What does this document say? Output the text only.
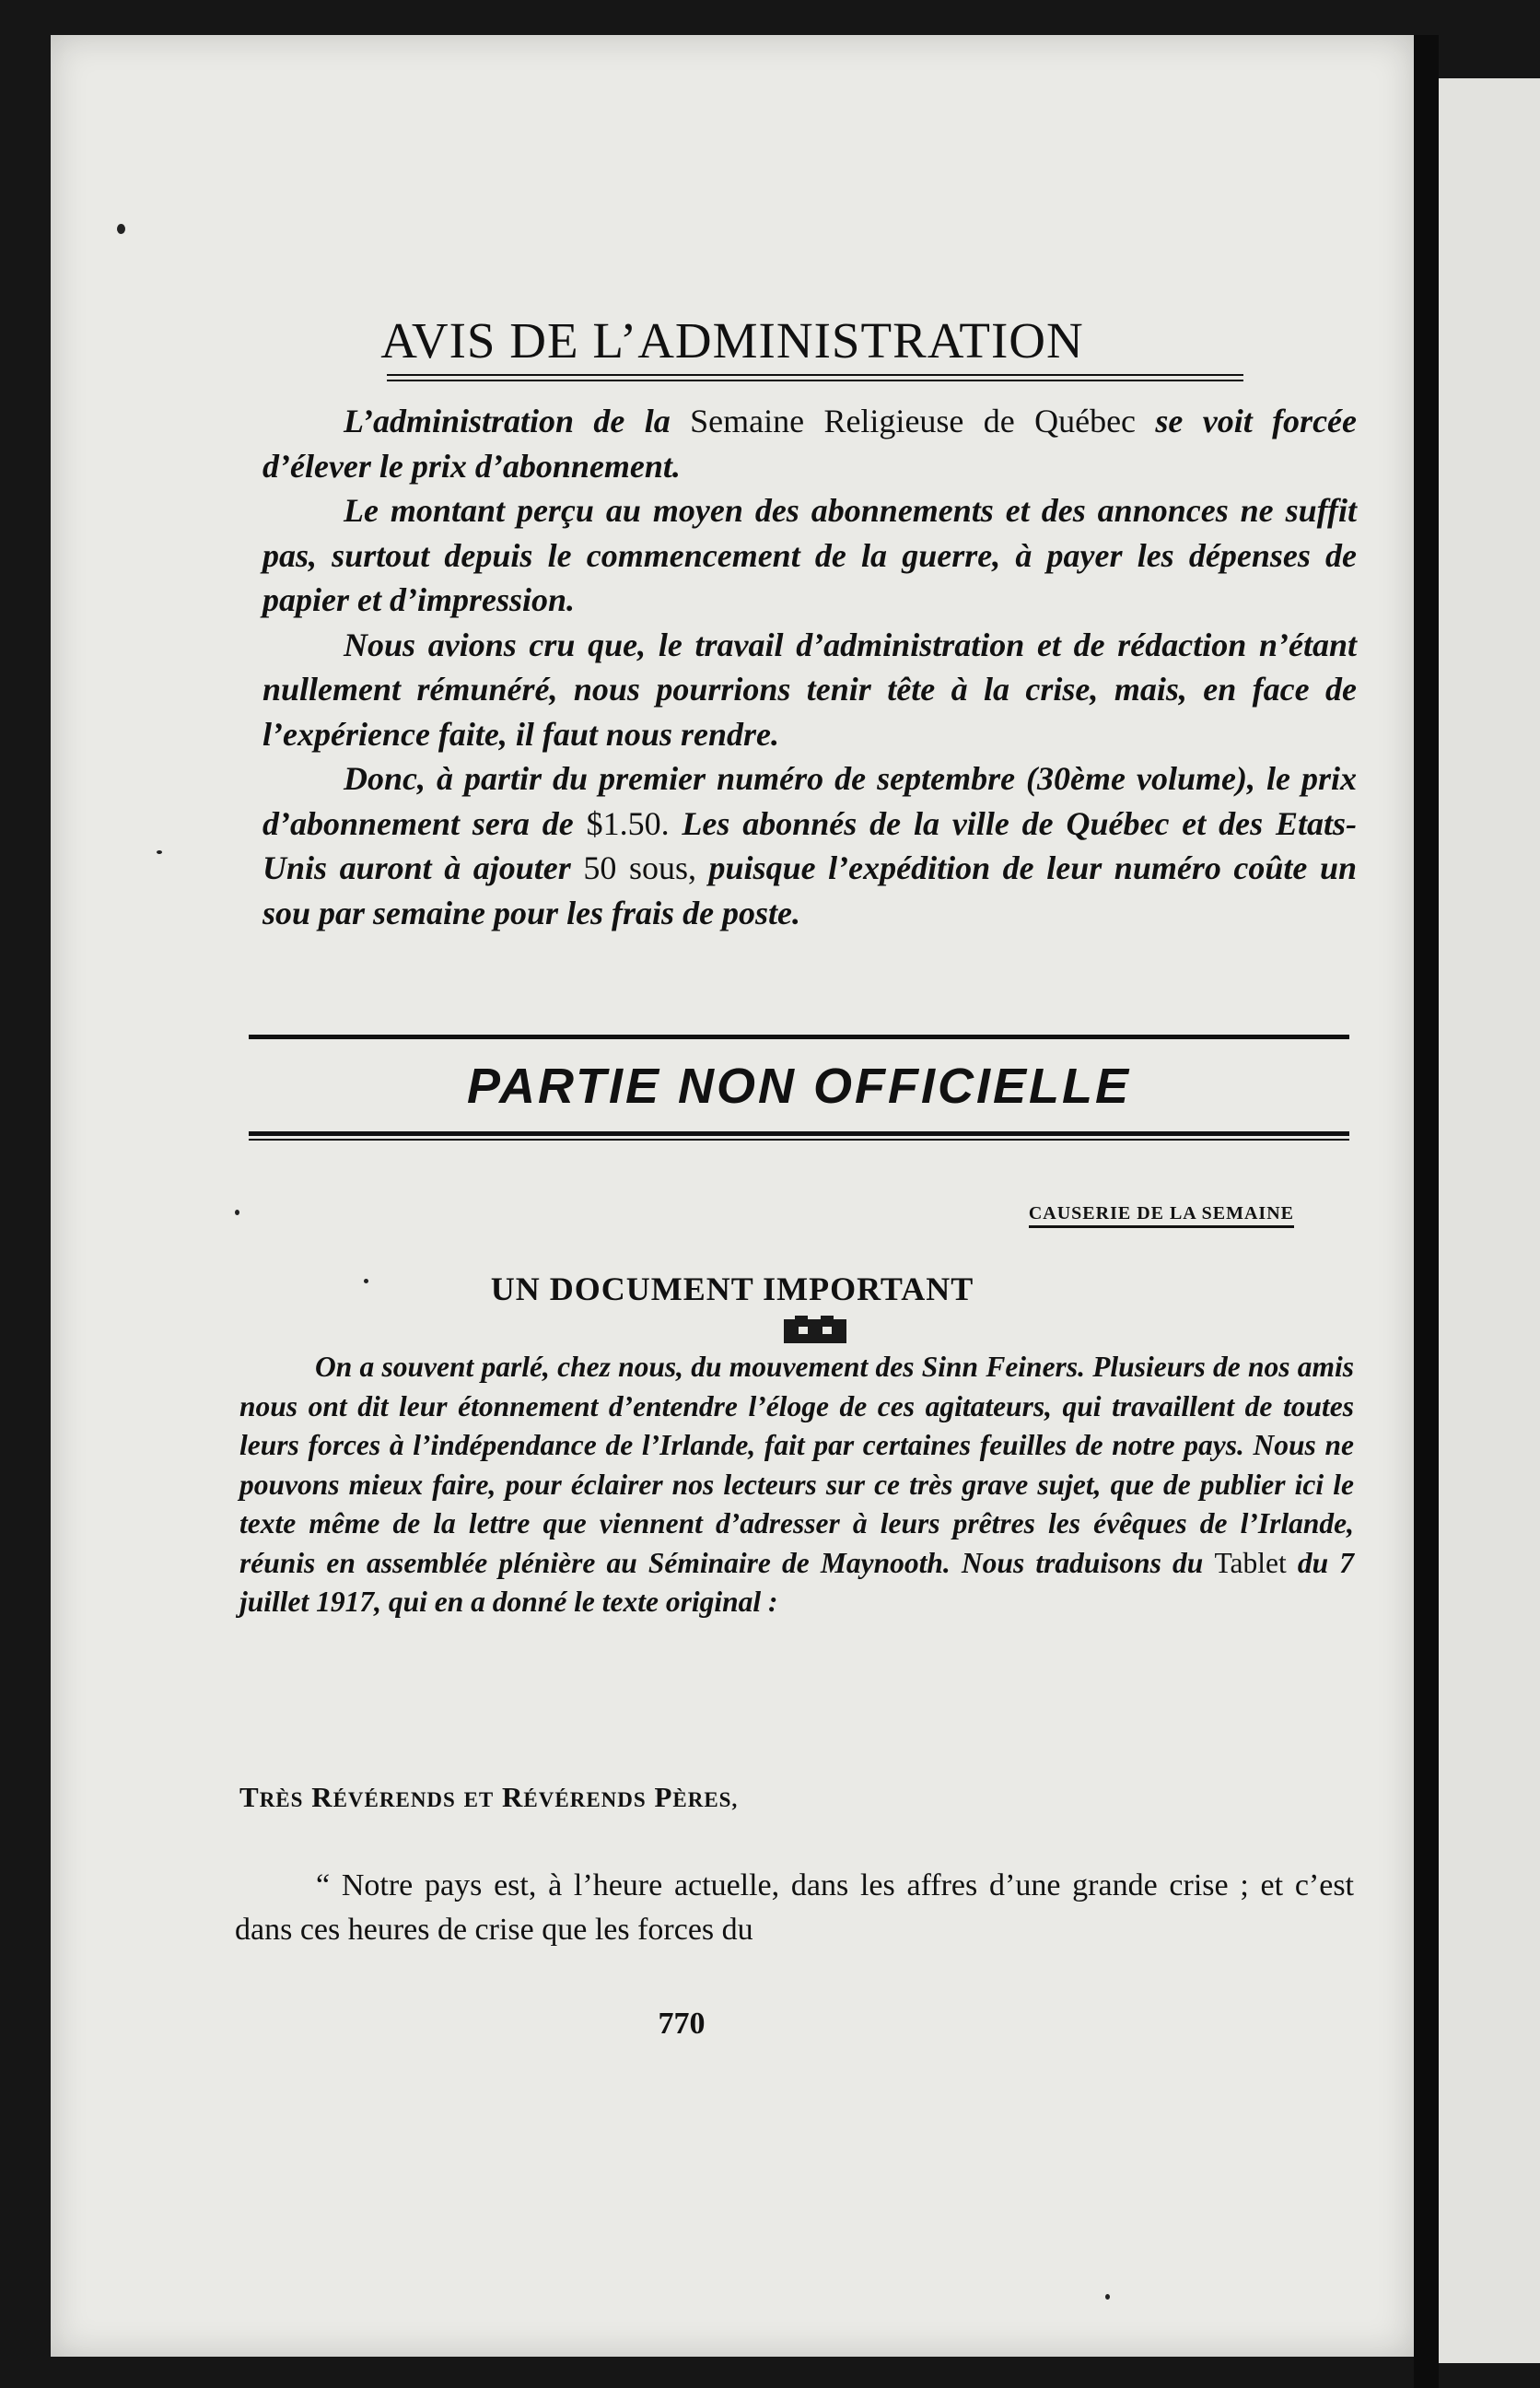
AVIS DE L’ADMINISTRATION

L’administration de la Semaine Religieuse de Québec se voit forcée d’élever le prix d’abonnement.

Le montant perçu au moyen des abonnements et des annonces ne suffit pas, surtout depuis le commencement de la guerre, à payer les dépenses de papier et d’impression.

Nous avions cru que, le travail d’administration et de rédaction n’étant nullement rémunéré, nous pourrions tenir tête à la crise, mais, en face de l’expérience faite, il faut nous rendre.

Donc, à partir du premier numéro de septembre (30ème volume), le prix d’abonnement sera de $1.50. Les abonnés de la ville de Québec et des Etats-Unis auront à ajouter 50 sous, puisque l’expédition de leur numéro coûte un sou par semaine pour les frais de poste.

PARTIE NON OFFICIELLE
CAUSERIE DE LA SEMAINE
UN DOCUMENT IMPORTANT

On a souvent parlé, chez nous, du mouvement des Sinn Feiners. Plusieurs de nos amis nous ont dit leur étonnement d’entendre l’éloge de ces agitateurs, qui travaillent de toutes leurs forces à l’indépendance de l’Irlande, fait par certaines feuilles de notre pays. Nous ne pouvons mieux faire, pour éclairer nos lecteurs sur ce très grave sujet, que de publier ici le texte même de la lettre que viennent d’adresser à leurs prêtres les évêques de l’Irlande, réunis en assemblée plénière au Séminaire de Maynooth. Nous traduisons du Tablet du 7 juillet 1917, qui en a donné le texte original :

TRÈS RÉVÉRENDS ET RÉVÉRENDS PÈRES,

“ Notre pays est, à l’heure actuelle, dans les affres d’une grande crise ; et c’est dans ces heures de crise que les forces du

770
